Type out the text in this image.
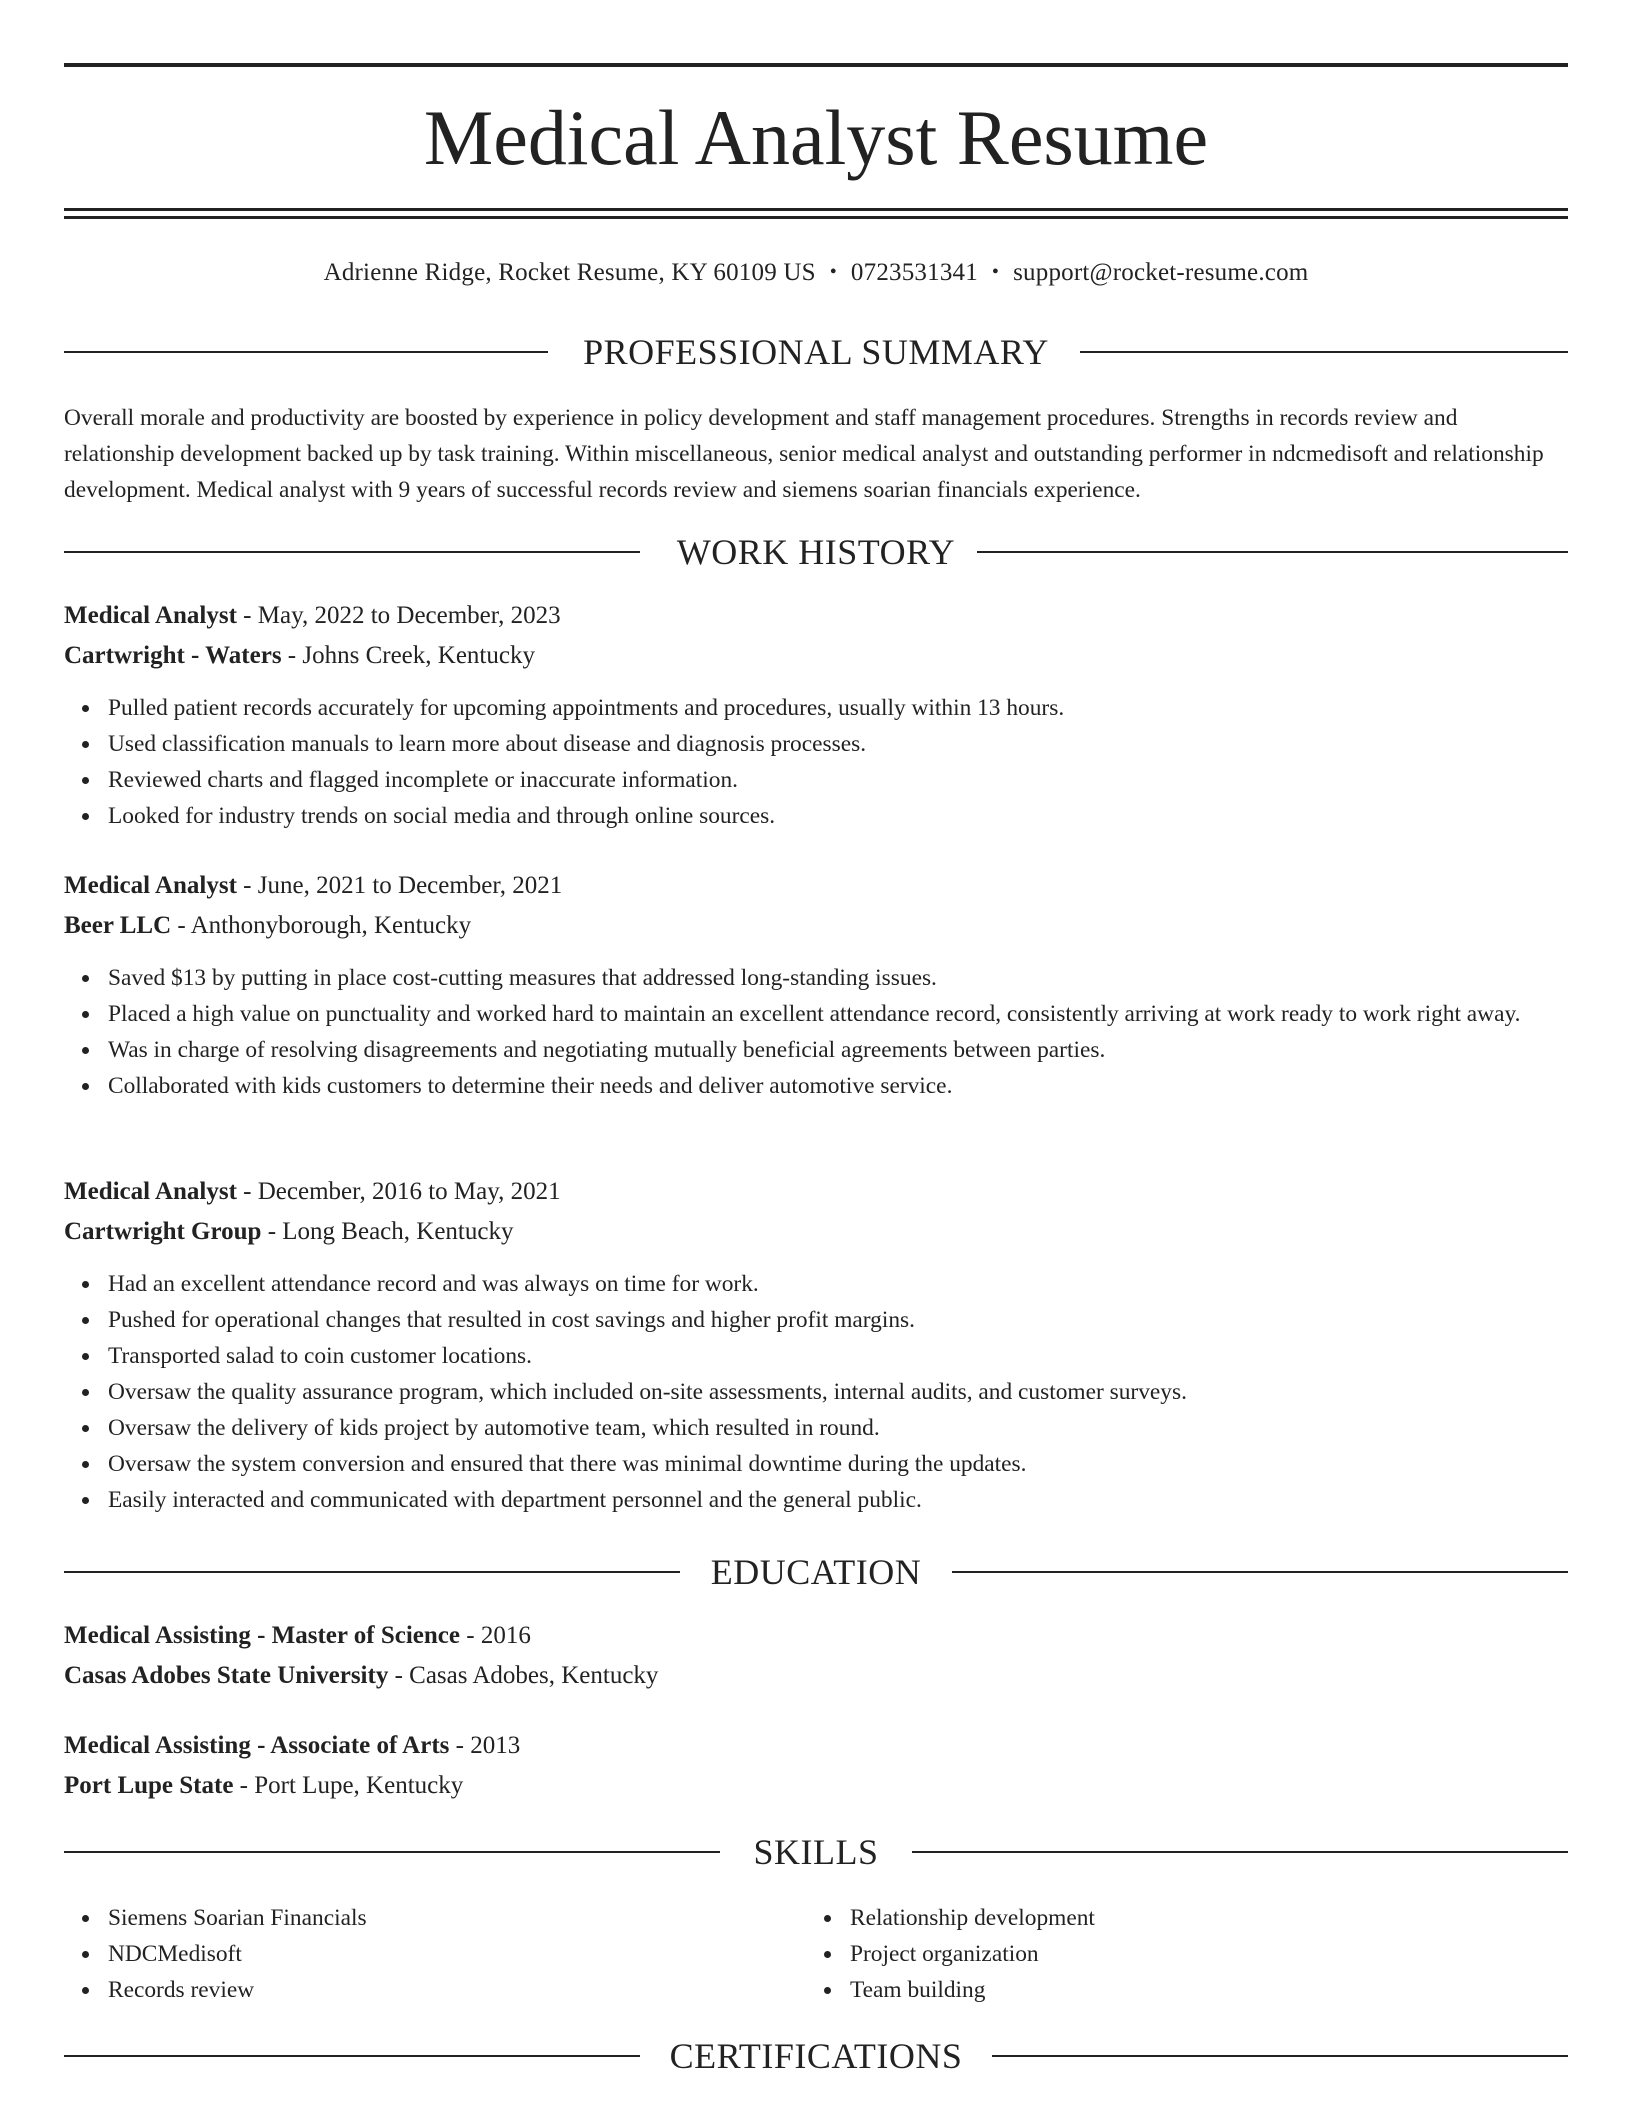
Medical Analyst Resume
Adrienne Ridge, Rocket Resume, KY 60109 US • 0723531341 • support@rocket-resume.com
PROFESSIONAL SUMMARY

Overall morale and productivity are boosted by experience in policy development and staff management procedures. Strengths in records review and relationship development backed up by task training. Within miscellaneous, senior medical analyst and outstanding performer in ndcmedisoft and relationship development. Medical analyst with 9 years of successful records review and siemens soarian financials experience.

WORK HISTORY

Medical Analyst - May, 2022 to December, 2023

Cartwright - Waters - Johns Creek, Kentucky

Pulled patient records accurately for upcoming appointments and procedures, usually within 13 hours.
Used classification manuals to learn more about disease and diagnosis processes.
Reviewed charts and flagged incomplete or inaccurate information.
Looked for industry trends on social media and through online sources.

Medical Analyst - June, 2021 to December, 2021

Beer LLC - Anthonyborough, Kentucky

Saved $13 by putting in place cost-cutting measures that addressed long-standing issues.
Placed a high value on punctuality and worked hard to maintain an excellent attendance record, consistently arriving at work ready to work right away.
Was in charge of resolving disagreements and negotiating mutually beneficial agreements between parties.
Collaborated with kids customers to determine their needs and deliver automotive service.

Medical Analyst - December, 2016 to May, 2021

Cartwright Group - Long Beach, Kentucky

Had an excellent attendance record and was always on time for work.
Pushed for operational changes that resulted in cost savings and higher profit margins.
Transported salad to coin customer locations.
Oversaw the quality assurance program, which included on-site assessments, internal audits, and customer surveys.
Oversaw the delivery of kids project by automotive team, which resulted in round.
Oversaw the system conversion and ensured that there was minimal downtime during the updates.
Easily interacted and communicated with department personnel and the general public.
EDUCATION

Medical Assisting - Master of Science - 2016

Casas Adobes State University - Casas Adobes, Kentucky

Medical Assisting - Associate of Arts - 2013

Port Lupe State - Port Lupe, Kentucky

SKILLS
Siemens Soarian Financials
NDCMedisoft
Records review
Relationship development
Project organization
Team building
CERTIFICATIONS
